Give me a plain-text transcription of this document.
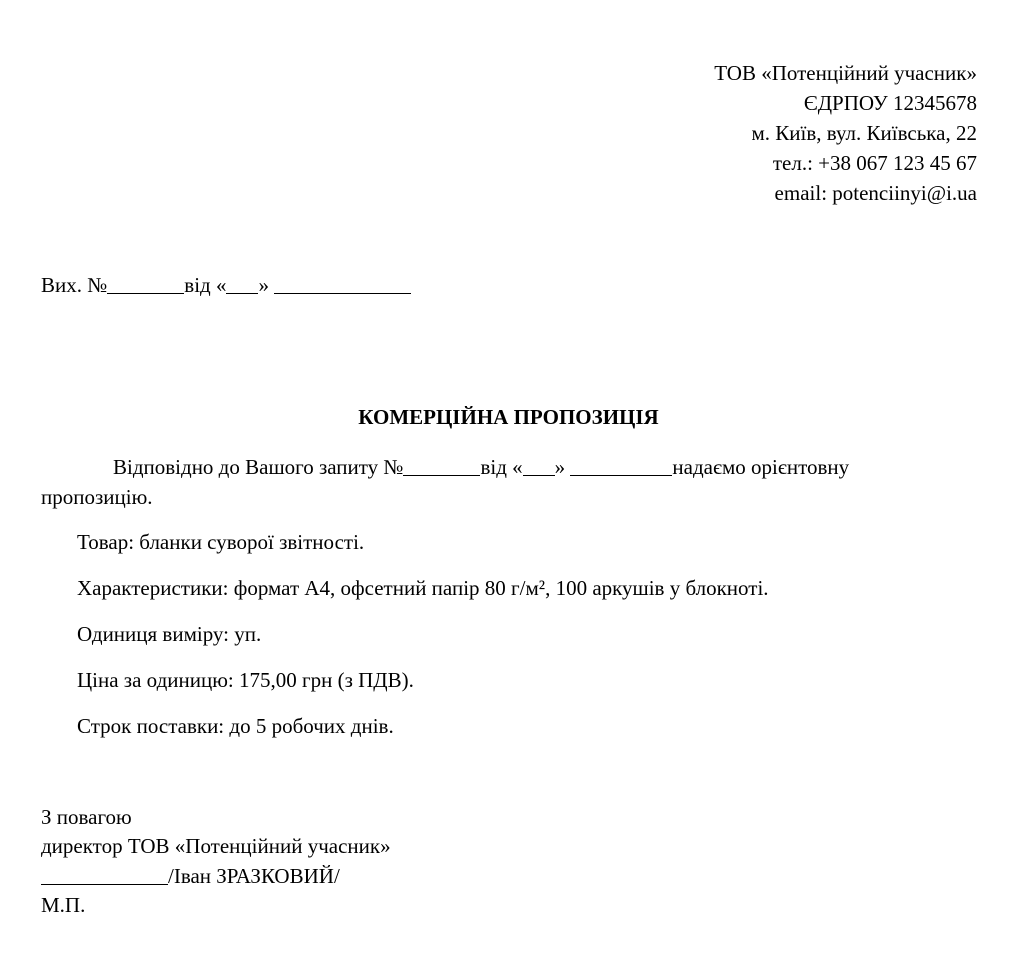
ТОВ «Потенційний учасник»
ЄДРПОУ 12345678
м. Київ, вул. Київська, 22
тел.: +38 067 123 45 67
email: potenciinyi@i.ua
Вих. №	від « »
КОМЕРЦІЙНА ПРОПОЗИЦІЯ
Відповідно до Вашого запиту №	від « »	надаємо орієнтовну
пропозицію.
Товар: бланки суворої звітності.
Характеристики: формат А4, офсетний папір 80 г/м², 100 аркушів у блокноті.
Одиниця виміру: уп.
Ціна за одиницю: 175,00 грн (з ПДВ).
Строк поставки: до 5 робочих днів.
З повагою
директор ТОВ «Потенційний учасник»
/Іван ЗРАЗКОВИЙ/
М.П.
